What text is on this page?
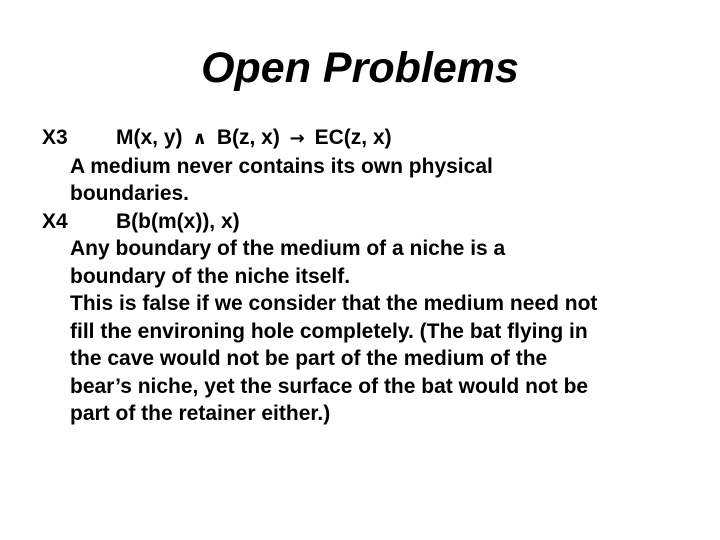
Open Problems
X3	M(x, y) ∧ B(z, x) → EC(z, x)
A medium never contains its own physical
boundaries.
X4	B(b(m(x)), x)
Any boundary of the medium of a niche is a
boundary of the niche itself.
This is false if we consider that the medium need not
fill the environing hole completely. (The bat flying in
the cave would not be part of the medium of the
bear’s niche, yet the surface of the bat would not be
part of the retainer either.)
